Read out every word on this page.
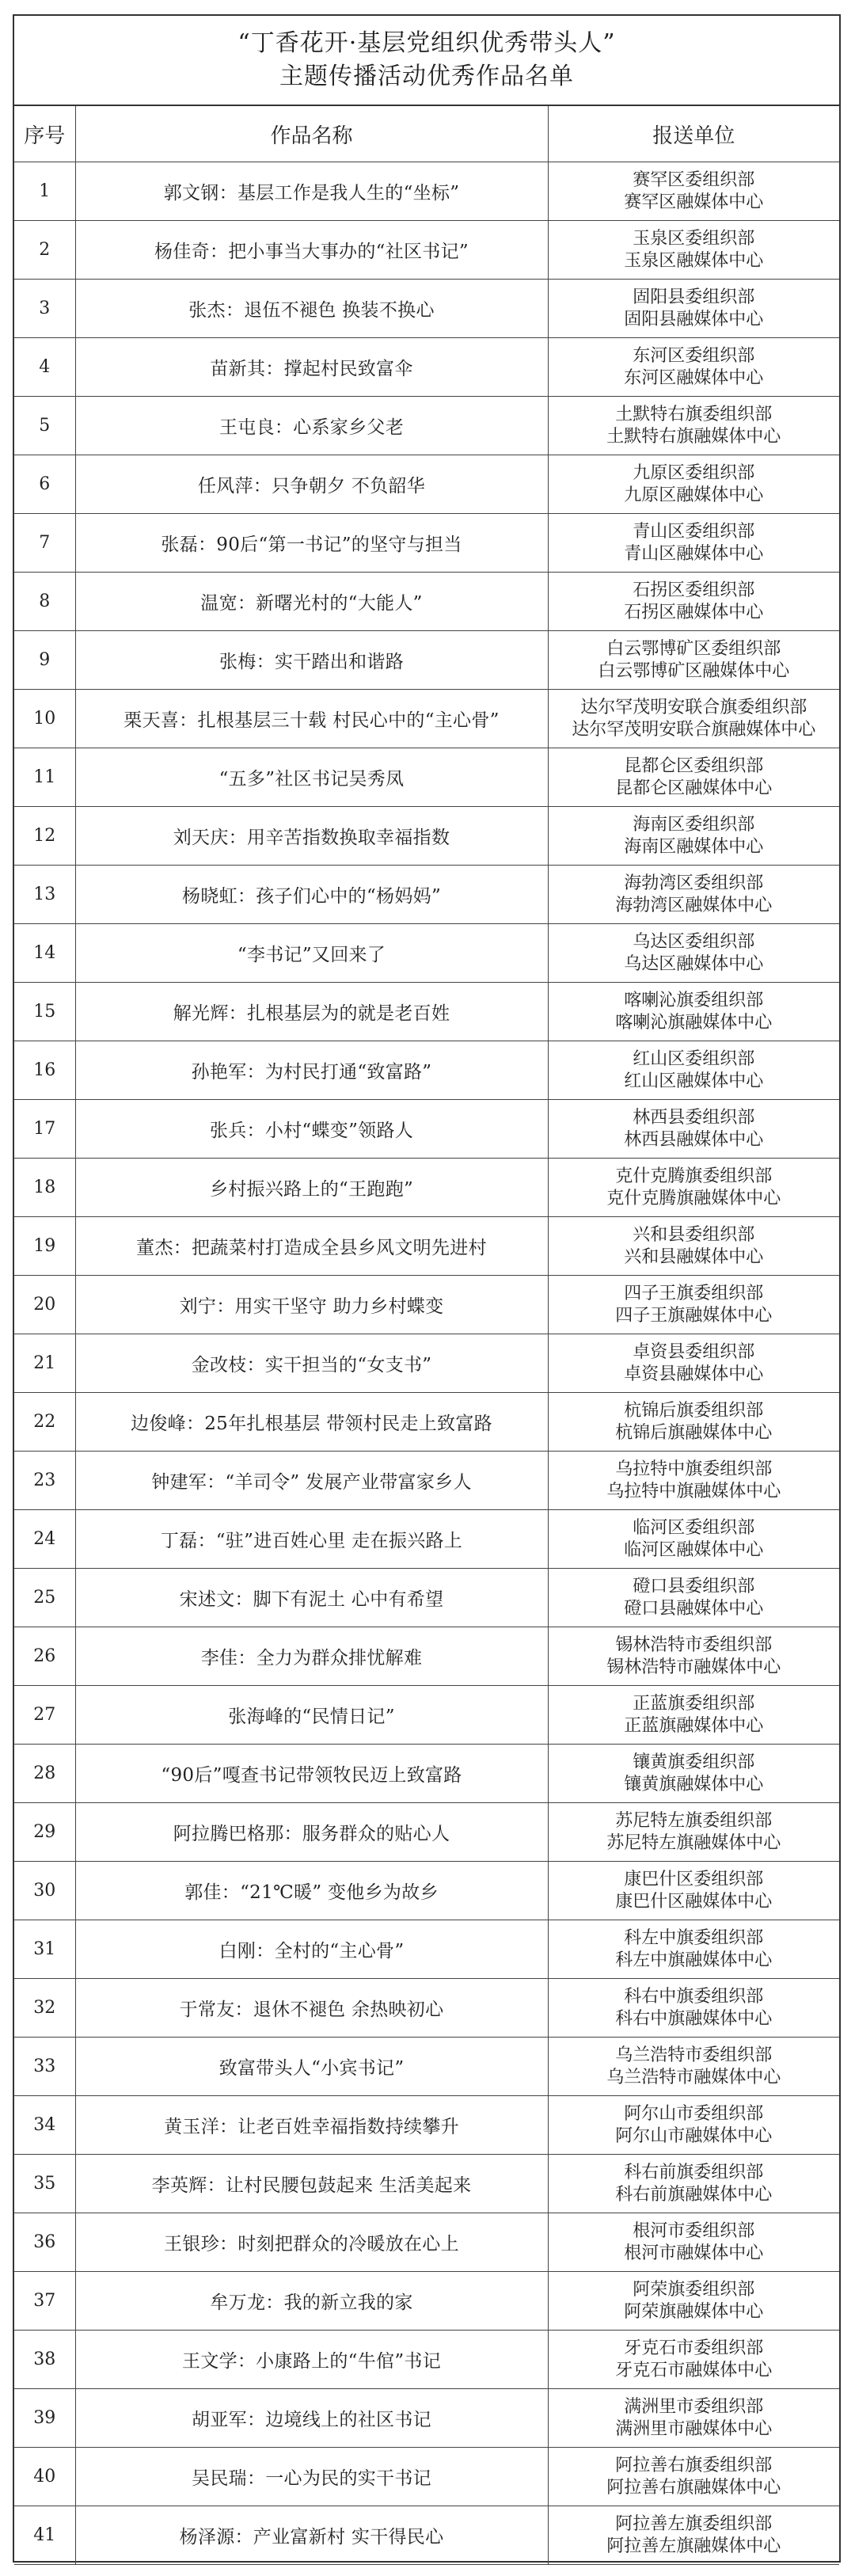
“丁香花开·基层党组织优秀带头人”
主题传播活动优秀作品名单
序号	作品名称	报送单位
1	郭文钢：基层工作是我人生的“坐标”	赛罕区委组织部
赛罕区融媒体中心

2	杨佳奇：把小事当大事办的“社区书记”	玉泉区委组织部
玉泉区融媒体中心

3	张杰：退伍不褪色 换装不换心	固阳县委组织部
固阳县融媒体中心

4	苗新其：撑起村民致富伞	东河区委组织部
东河区融媒体中心

5	王屯良：心系家乡父老	土默特右旗委组织部
土默特右旗融媒体中心

6	任风萍：只争朝夕 不负韶华	九原区委组织部
九原区融媒体中心

7	张磊：90后“第一书记”的坚守与担当	青山区委组织部
青山区融媒体中心

8	温宽：新曙光村的“大能人”	石拐区委组织部
石拐区融媒体中心

9	张梅：实干踏出和谐路	白云鄂博矿区委组织部
白云鄂博矿区融媒体中心

10	栗天喜：扎根基层三十载 村民心中的“主心骨”	达尔罕茂明安联合旗委组织部
达尔罕茂明安联合旗融媒体中心

11	“五多”社区书记吴秀凤	昆都仑区委组织部
昆都仑区融媒体中心

12	刘天庆：用辛苦指数换取幸福指数	海南区委组织部
海南区融媒体中心

13	杨晓虹：孩子们心中的“杨妈妈”	海勃湾区委组织部
海勃湾区融媒体中心

14	“李书记”又回来了	乌达区委组织部
乌达区融媒体中心

15	解光辉：扎根基层为的就是老百姓	喀喇沁旗委组织部
喀喇沁旗融媒体中心

16	孙艳军：为村民打通“致富路”	红山区委组织部
红山区融媒体中心

17	张兵：小村“蝶变”领路人	林西县委组织部
林西县融媒体中心

18	乡村振兴路上的“王跑跑”	克什克腾旗委组织部
克什克腾旗融媒体中心

19	董杰：把蔬菜村打造成全县乡风文明先进村	兴和县委组织部
兴和县融媒体中心

20	刘宁：用实干坚守 助力乡村蝶变	四子王旗委组织部
四子王旗融媒体中心

21	金改枝：实干担当的“女支书”	卓资县委组织部
卓资县融媒体中心

22	边俊峰：25年扎根基层 带领村民走上致富路	杭锦后旗委组织部
杭锦后旗融媒体中心

23	钟建军：“羊司令” 发展产业带富家乡人	乌拉特中旗委组织部
乌拉特中旗融媒体中心

24	丁磊：“驻”进百姓心里 走在振兴路上	临河区委组织部
临河区融媒体中心

25	宋述文：脚下有泥土 心中有希望	磴口县委组织部
磴口县融媒体中心

26	李佳：全力为群众排忧解难	锡林浩特市委组织部
锡林浩特市融媒体中心

27	张海峰的“民情日记”	正蓝旗委组织部
正蓝旗融媒体中心

28	“90后”嘎查书记带领牧民迈上致富路	镶黄旗委组织部
镶黄旗融媒体中心

29	阿拉腾巴格那：服务群众的贴心人	苏尼特左旗委组织部
苏尼特左旗融媒体中心

30	郭佳：“21℃暖” 变他乡为故乡	康巴什区委组织部
康巴什区融媒体中心

31	白刚：全村的“主心骨”	科左中旗委组织部
科左中旗融媒体中心

32	于常友：退休不褪色 余热映初心	科右中旗委组织部
科右中旗融媒体中心

33	致富带头人“小宾书记”	乌兰浩特市委组织部
乌兰浩特市融媒体中心

34	黄玉洋：让老百姓幸福指数持续攀升	阿尔山市委组织部
阿尔山市融媒体中心

35	李英辉：让村民腰包鼓起来 生活美起来	科右前旗委组织部
科右前旗融媒体中心

36	王银珍：时刻把群众的冷暖放在心上	根河市委组织部
根河市融媒体中心

37	牟万龙：我的新立我的家	阿荣旗委组织部
阿荣旗融媒体中心

38	王文学：小康路上的“牛倌”书记	牙克石市委组织部
牙克石市融媒体中心

39	胡亚军：边境线上的社区书记	满洲里市委组织部
满洲里市融媒体中心

40	吴民瑞：一心为民的实干书记	阿拉善右旗委组织部
阿拉善右旗融媒体中心

41	杨泽源：产业富新村 实干得民心	阿拉善左旗委组织部
阿拉善左旗融媒体中心
